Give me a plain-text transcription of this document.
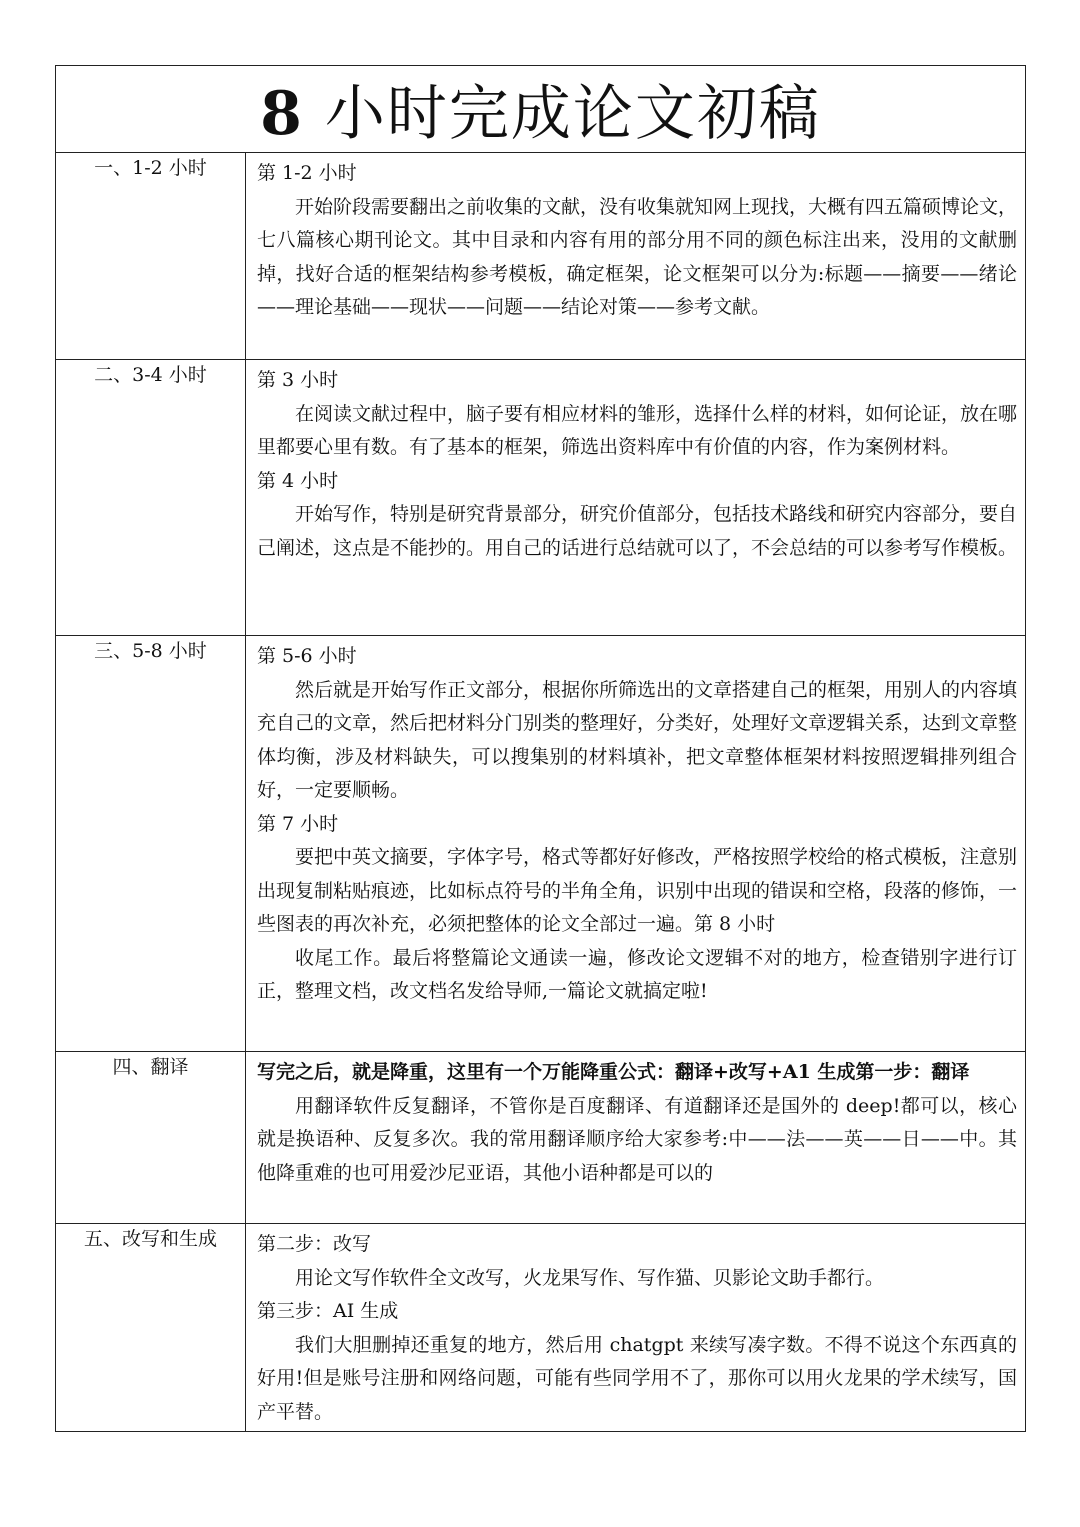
8 小时完成论文初稿	
一、1-2 小时	第 1-2 小时
开始阶段需要翻出之前收集的文献，没有收集就知网上现找，大概有四五篇硕博论文，七八篇核心期刊论文。其中目录和内容有用的部分用不同的颜色标注出来，没用的文献删掉，找好合适的框架结构参考模板，确定框架，论文框架可以分为:标题——摘要——绪论——理论基础——现状——问题——结论对策——参考文献。

二、3-4 小时	第 3 小时
在阅读文献过程中，脑子要有相应材料的雏形，选择什么样的材料，如何论证，放在哪里都要心里有数。有了基本的框架，筛选出资料库中有价值的内容，作为案例材料。
第 4 小时
开始写作，特别是研究背景部分，研究价值部分，包括技术路线和研究内容部分，要自己阐述，这点是不能抄的。用自己的话进行总结就可以了，不会总结的可以参考写作模板。

三、5-8 小时	第 5-6 小时
然后就是开始写作正文部分，根据你所筛选出的文章搭建自己的框架，用别人的内容填充自己的文章，然后把材料分门别类的整理好，分类好，处理好文章逻辑关系，达到文章整体均衡，涉及材料缺失，可以搜集别的材料填补，把文章整体框架材料按照逻辑排列组合好，一定要顺畅。
第 7 小时
要把中英文摘要，字体字号，格式等都好好修改，严格按照学校给的格式模板，注意别出现复制粘贴痕迹，比如标点符号的半角全角，识别中出现的错误和空格，段落的修饰，一些图表的再次补充，必须把整体的论文全部过一遍。第 8 小时
收尾工作。最后将整篇论文通读一遍，修改论文逻辑不对的地方，检查错别字进行订正，整理文档，改文档名发给导师,一篇论文就搞定啦!

四、翻译	写完之后，就是降重，这里有一个万能降重公式：翻译+改写+A1 生成第一步：翻译
用翻译软件反复翻译，不管你是百度翻译、有道翻译还是国外的 deep!都可以，核心就是换语种、反复多次。我的常用翻译顺序给大家参考:中——法——英——日——中。其他降重难的也可用爱沙尼亚语，其他小语种都是可以的

五、改写和生成	第二步：改写
用论文写作软件全文改写，火龙果写作、写作猫、贝影论文助手都行。
第三步：AI 生成
我们大胆删掉还重复的地方，然后用 chatgpt 来续写凑字数。不得不说这个东西真的好用!但是账号注册和网络问题，可能有些同学用不了，那你可以用火龙果的学术续写，国产平替。
